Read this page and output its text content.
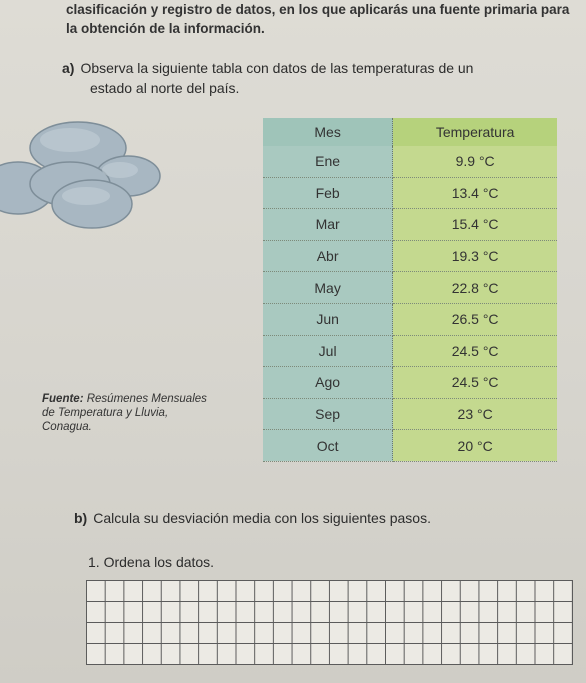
clasificación y registro de datos, en los que aplicarás una fuente primaria para la obtención de la información.
a) Observa la siguiente tabla con datos de las temperaturas de un
estado al norte del país.
Mes	Temperatura
Ene	9.9 °C
Feb	13.4 °C
Mar	15.4 °C
Abr	19.3 °C
May	22.8 °C
Jun	26.5 °C
Jul	24.5 °C
Ago	24.5 °C
Sep	23 °C
Oct	20 °C
Fuente: Resúmenes Mensuales de Temperatura y Lluvia, Conagua.
b) Calcula su desviación media con los siguientes pasos.
1. Ordena los datos.
